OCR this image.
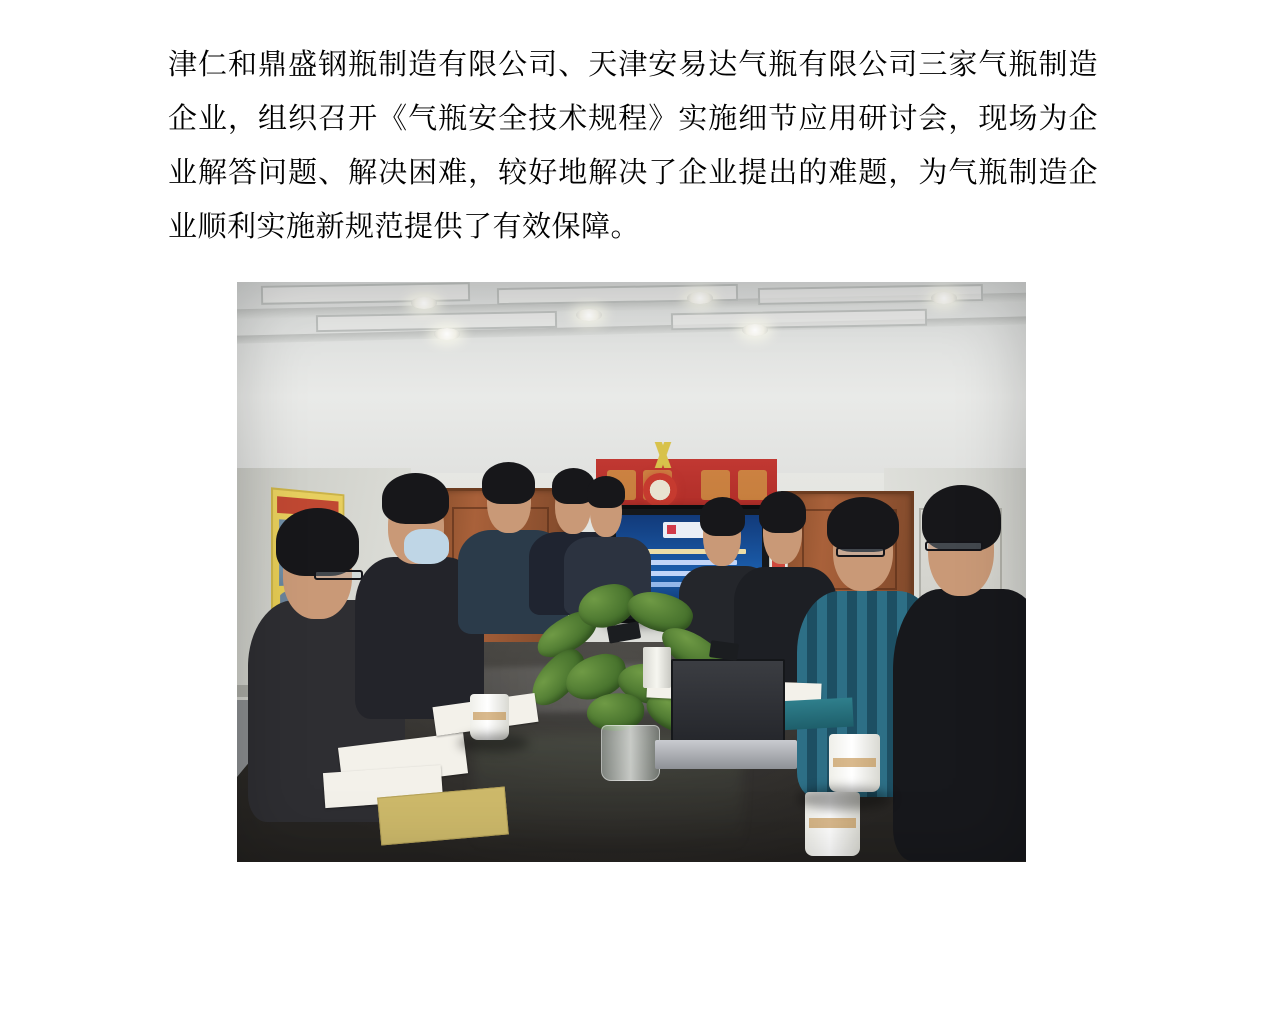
津仁和鼎盛钢瓶制造有限公司、天津安易达气瓶有限公司三家气瓶制造企业，组织召开《气瓶安全技术规程》实施细节应用研讨会，现场为企业解答问题、解决困难，较好地解决了企业提出的难题，为气瓶制造企业顺利实施新规范提供了有效保障。
